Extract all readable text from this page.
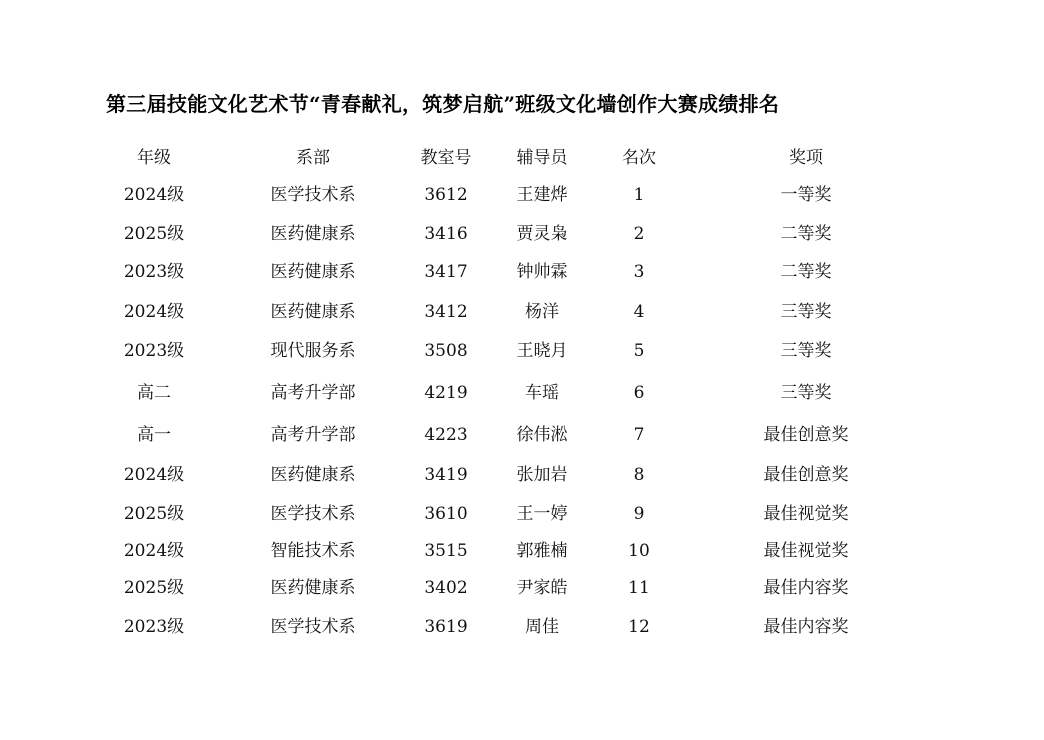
第三届技能文化艺术节“青春献礼，筑梦启航”班级文化墙创作大赛成绩排名
年级	系部	教室号	辅导员	名次	奖项
2024级	医学技术系	3612	王建烨	1	一等奖
2025级	医药健康系	3416	贾灵枭	2	二等奖
2023级	医药健康系	3417	钟帅霖	3	二等奖
2024级	医药健康系	3412	杨洋	4	三等奖
2023级	现代服务系	3508	王晓月	5	三等奖
高二	高考升学部	4219	车瑶	6	三等奖
高一	高考升学部	4223	徐伟淞	7	最佳创意奖
2024级	医药健康系	3419	张加岩	8	最佳创意奖
2025级	医学技术系	3610	王一婷	9	最佳视觉奖
2024级	智能技术系	3515	郭雅楠	10	最佳视觉奖
2025级	医药健康系	3402	尹家皓	11	最佳内容奖
2023级	医学技术系	3619	周佳	12	最佳内容奖
